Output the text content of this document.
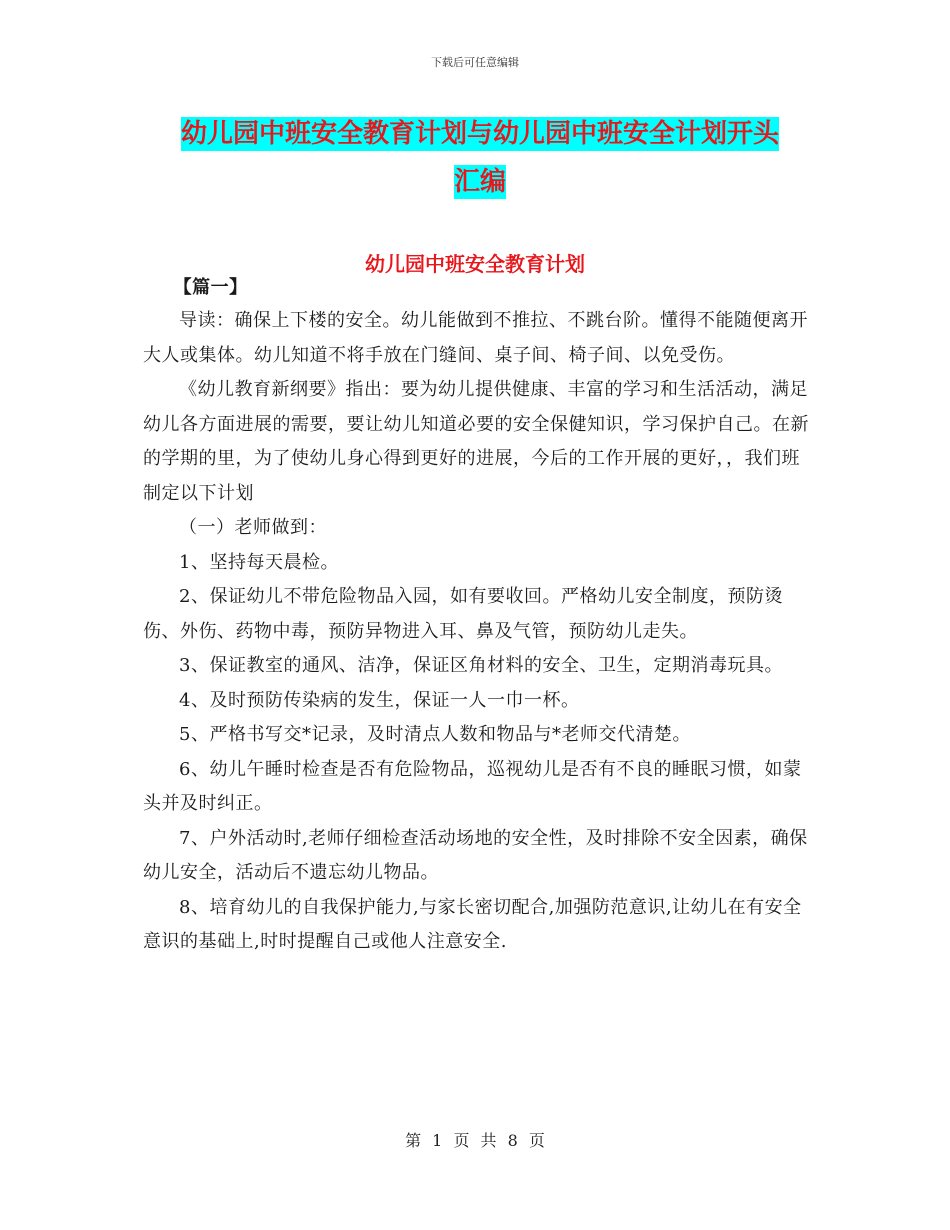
下载后可任意编辑
幼儿园中班安全教育计划与幼儿园中班安全计划开头
汇编
幼儿园中班安全教育计划

【篇一】

导读：确保上下楼的安全。幼儿能做到不推拉、不跳台阶。懂得不能随便离开大人或集体。幼儿知道不将手放在门缝间、桌子间、椅子间、以免受伤。

《幼儿教育新纲要》指出：要为幼儿提供健康、丰富的学习和生活活动，满足幼儿各方面进展的需要，要让幼儿知道必要的安全保健知识，学习保护自己。在新的学期的里，为了使幼儿身心得到更好的进展，今后的工作开展的更好，，我们班制定以下计划

（一）老师做到：

1、坚持每天晨检。

2、保证幼儿不带危险物品入园，如有要收回。严格幼儿安全制度，预防烫伤、外伤、药物中毒，预防异物进入耳、鼻及气管，预防幼儿走失。

3、保证教室的通风、洁净，保证区角材料的安全、卫生，定期消毒玩具。

4、及时预防传染病的发生，保证一人一巾一杯。

5、严格书写交*记录，及时清点人数和物品与*老师交代清楚。

6、幼儿午睡时检查是否有危险物品，巡视幼儿是否有不良的睡眠习惯，如蒙头并及时纠正。

7、户外活动时,老师仔细检查活动场地的安全性，及时排除不安全因素，确保幼儿安全，活动后不遗忘幼儿物品。

8、培育幼儿的自我保护能力,与家长密切配合,加强防范意识,让幼儿在有安全意识的基础上,时时提醒自己或他人注意安全.

第 1 页 共 8 页
